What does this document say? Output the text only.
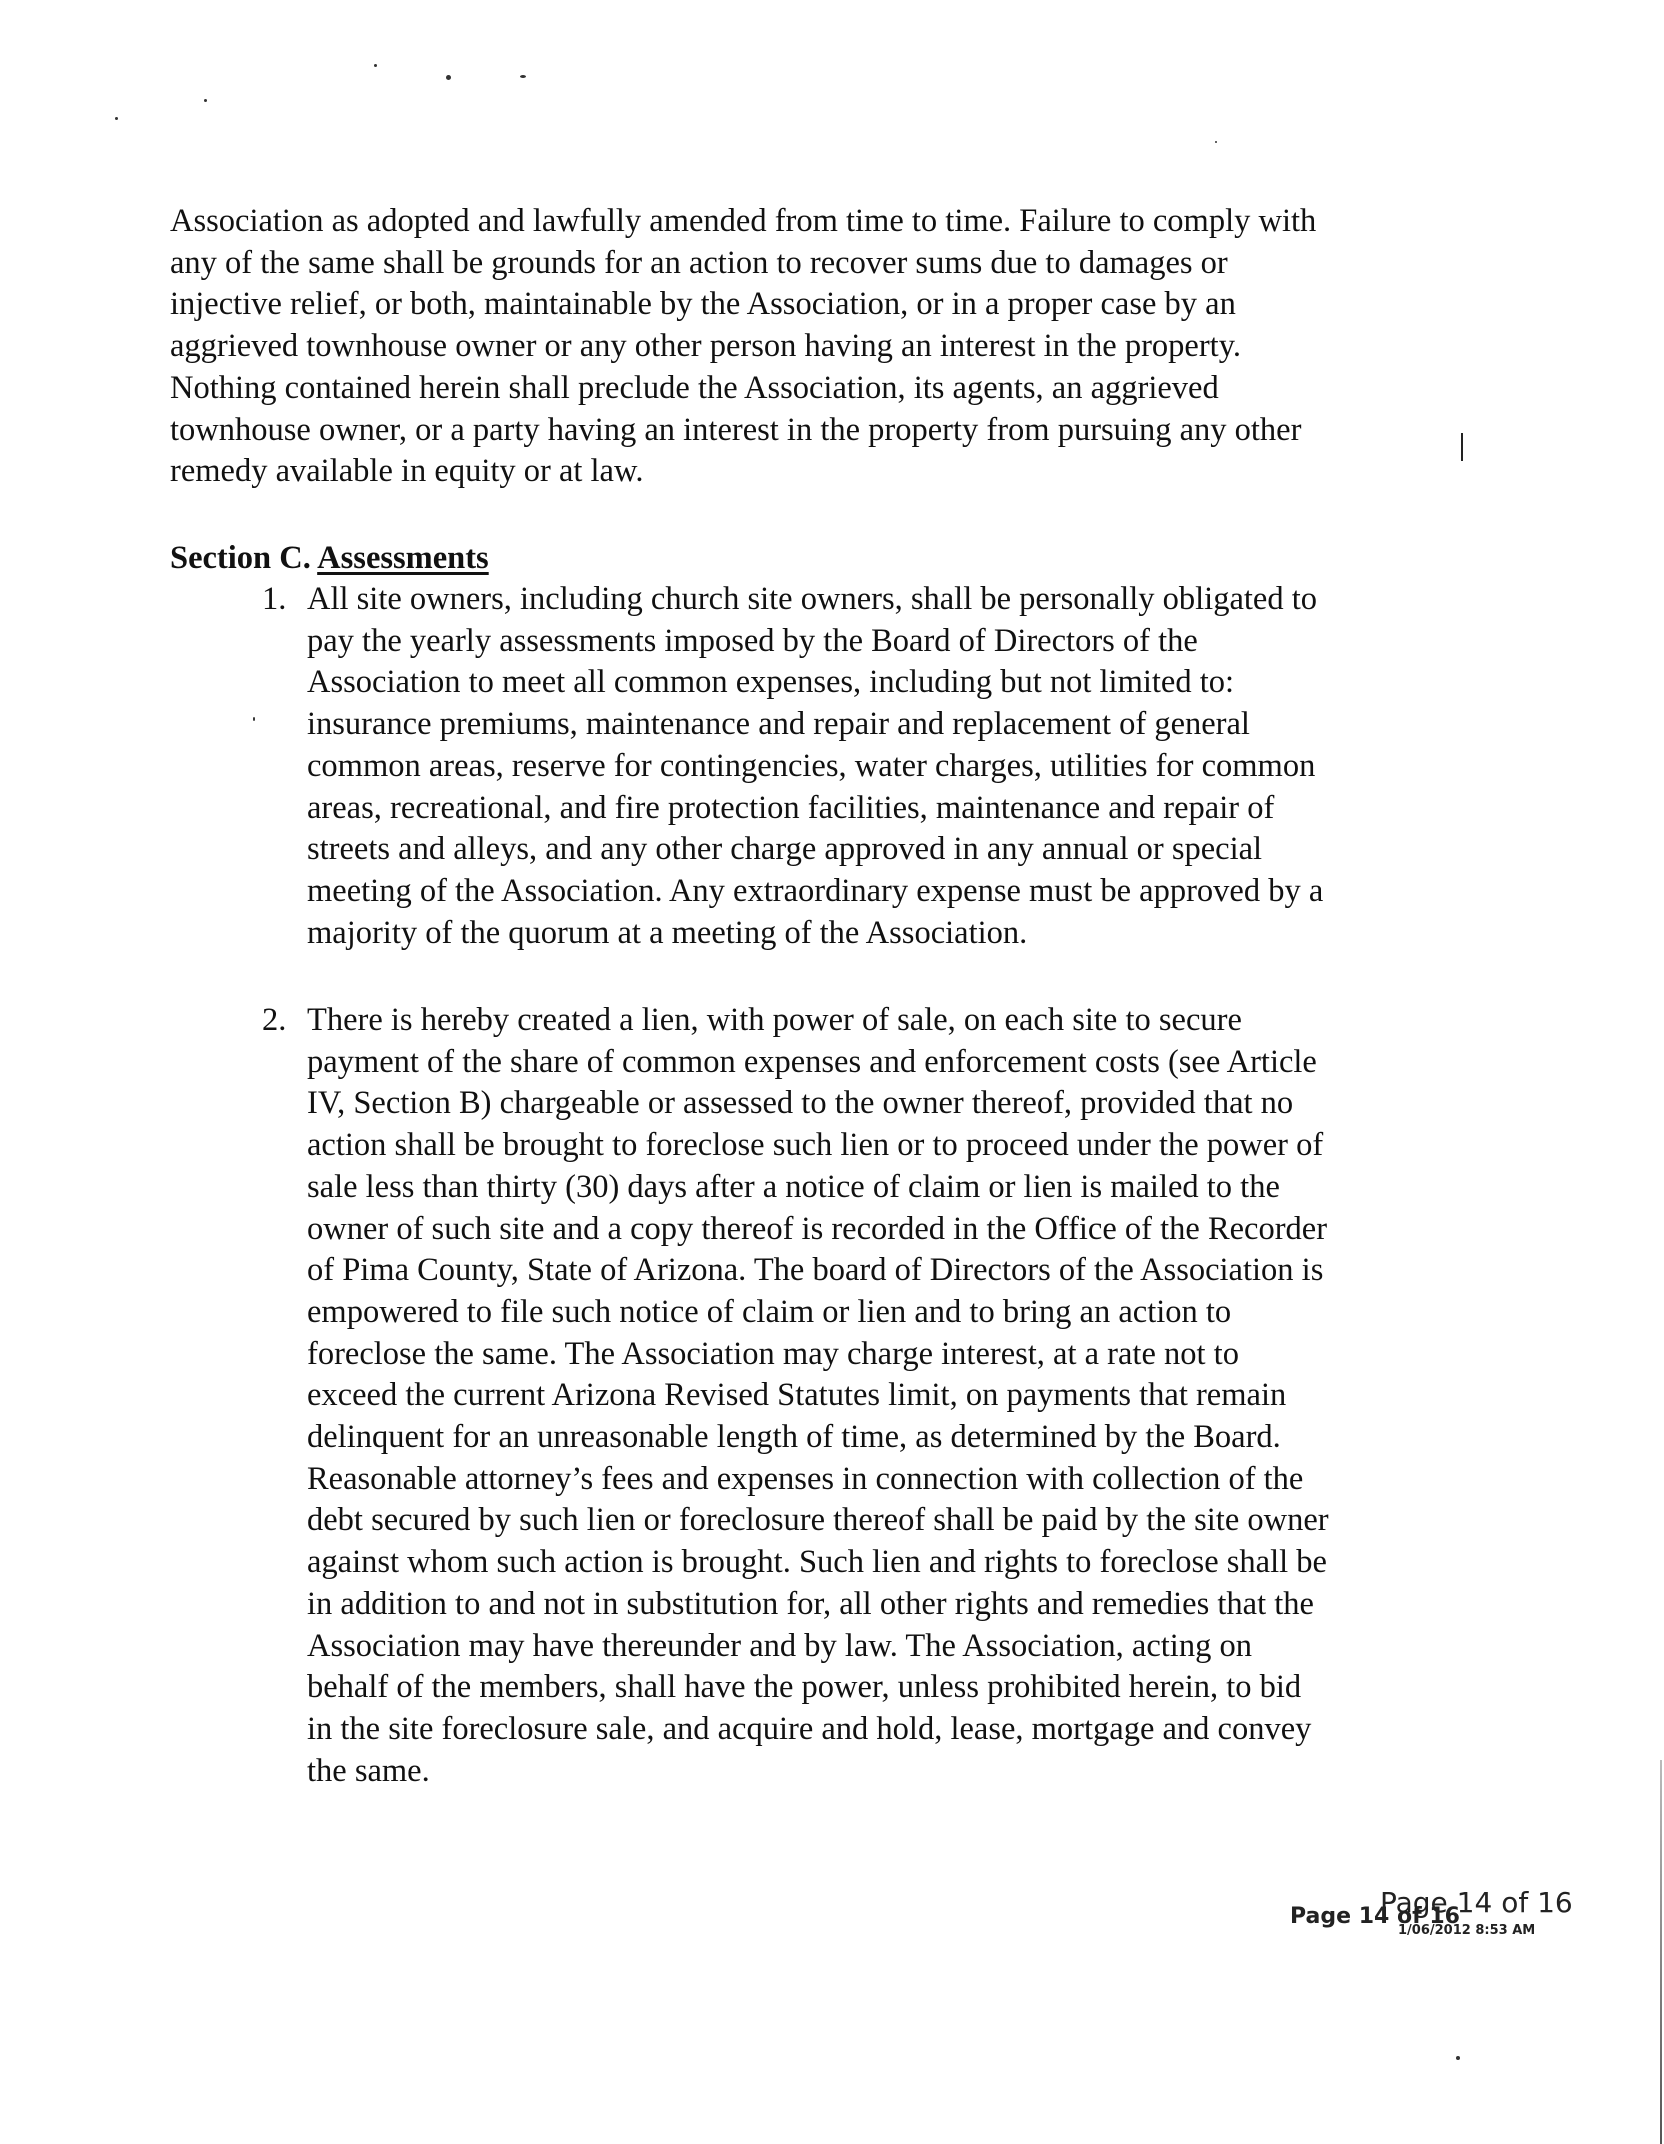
Association as adopted and lawfully amended from time to time. Failure to comply with
any of the same shall be grounds for an action to recover sums due to damages or
injective relief, or both, maintainable by the Association, or in a proper case by an
aggrieved townhouse owner or any other person having an interest in the property.
Nothing contained herein shall preclude the Association, its agents, an aggrieved
townhouse owner, or a party having an interest in the property from pursuing any other
remedy available in equity or at law.
Section C. Assessments
1. All site owners, including church site owners, shall be personally obligated to
pay the yearly assessments imposed by the Board of Directors of the
Association to meet all common expenses, including but not limited to:
insurance premiums, maintenance and repair and replacement of general
common areas, reserve for contingencies, water charges, utilities for common
areas, recreational, and fire protection facilities, maintenance and repair of
streets and alleys, and any other charge approved in any annual or special
meeting of the Association. Any extraordinary expense must be approved by a
majority of the quorum at a meeting of the Association.
2. There is hereby created a lien, with power of sale, on each site to secure
payment of the share of common expenses and enforcement costs (see Article
IV, Section B) chargeable or assessed to the owner thereof, provided that no
action shall be brought to foreclose such lien or to proceed under the power of
sale less than thirty (30) days after a notice of claim or lien is mailed to the
owner of such site and a copy thereof is recorded in the Office of the Recorder
of Pima County, State of Arizona. The board of Directors of the Association is
empowered to file such notice of claim or lien and to bring an action to
foreclose the same. The Association may charge interest, at a rate not to
exceed the current Arizona Revised Statutes limit, on payments that remain
delinquent for an unreasonable length of time, as determined by the Board.
Reasonable attorney’s fees and expenses in connection with collection of the
debt secured by such lien or foreclosure thereof shall be paid by the site owner
against whom such action is brought. Such lien and rights to foreclose shall be
in addition to and not in substitution for, all other rights and remedies that the
Association may have thereunder and by law. The Association, acting on
behalf of the members, shall have the power, unless prohibited herein, to bid
in the site foreclosure sale, and acquire and hold, lease, mortgage and convey
the same.
Page 14 of 16
Page 14 of 16
1/06/2012 8:53 AM
